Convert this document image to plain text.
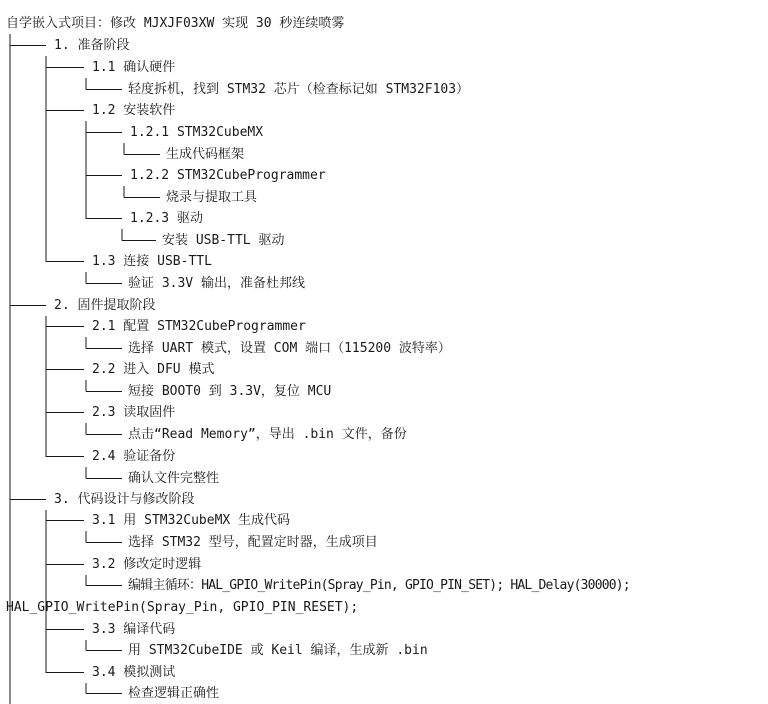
自学嵌入式项目：修改 MJXJF03XW 实现 30 秒连续喷雾
1. 准备阶段
1.1 确认硬件
轻度拆机，找到 STM32 芯片（检查标记如 STM32F103）
1.2 安装软件
1.2.1 STM32CubeMX
生成代码框架
1.2.2 STM32CubeProgrammer
烧录与提取工具
1.2.3 驱动
安装 USB-TTL 驱动
1.3 连接 USB-TTL
验证 3.3V 输出，准备杜邦线
2. 固件提取阶段
2.1 配置 STM32CubeProgrammer
选择 UART 模式，设置 COM 端口（115200 波特率）
2.2 进入 DFU 模式
短接 BOOT0 到 3.3V，复位 MCU
2.3 读取固件
点击“Read Memory”，导出 .bin 文件，备份
2.4 验证备份
确认文件完整性
3. 代码设计与修改阶段
3.1 用 STM32CubeMX 生成代码
选择 STM32 型号，配置定时器，生成项目
3.2 修改定时逻辑
编辑主循环：HAL_GPIO_WritePin(Spray_Pin, GPIO_PIN_SET); HAL_Delay(30000);
HAL_GPIO_WritePin(Spray_Pin, GPIO_PIN_RESET);
3.3 编译代码
用 STM32CubeIDE 或 Keil 编译，生成新 .bin
3.4 模拟测试
检查逻辑正确性
